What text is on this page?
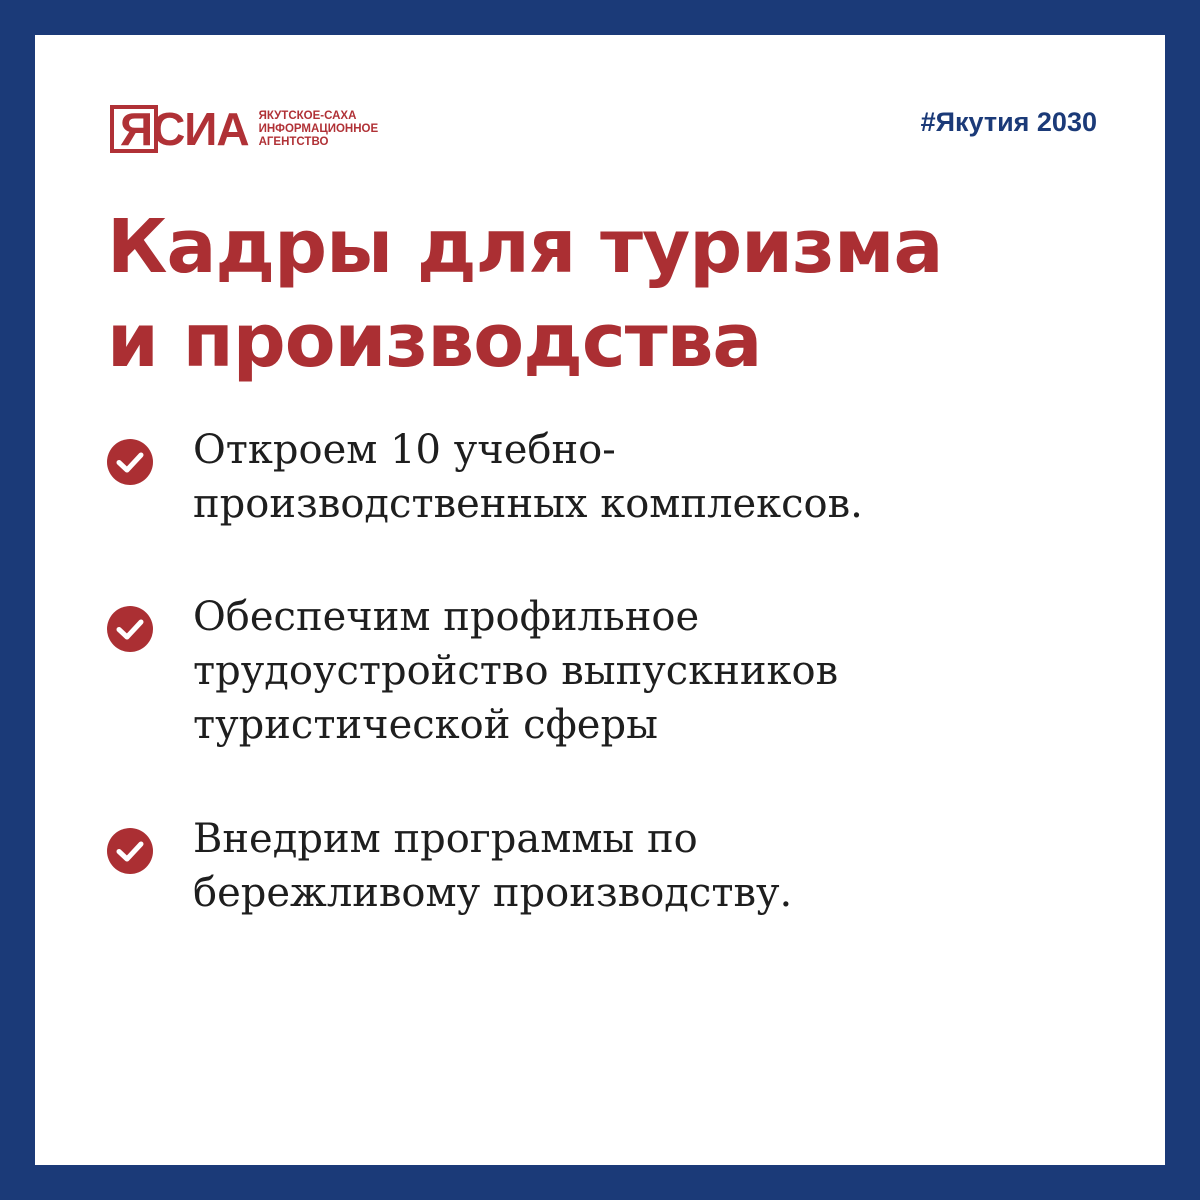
ЯСИА ЯКУТСКОЕ-САХА
ИНФОРМАЦИОННОЕ
АГЕНТСТВО
#Якутия 2030
Кадры для туризма
и производства
Откроем 10 учебно-
производственных комплексов.
Обеспечим профильное
трудоустройство выпускников
туристической сферы
Внедрим программы по
бережливому производству.
